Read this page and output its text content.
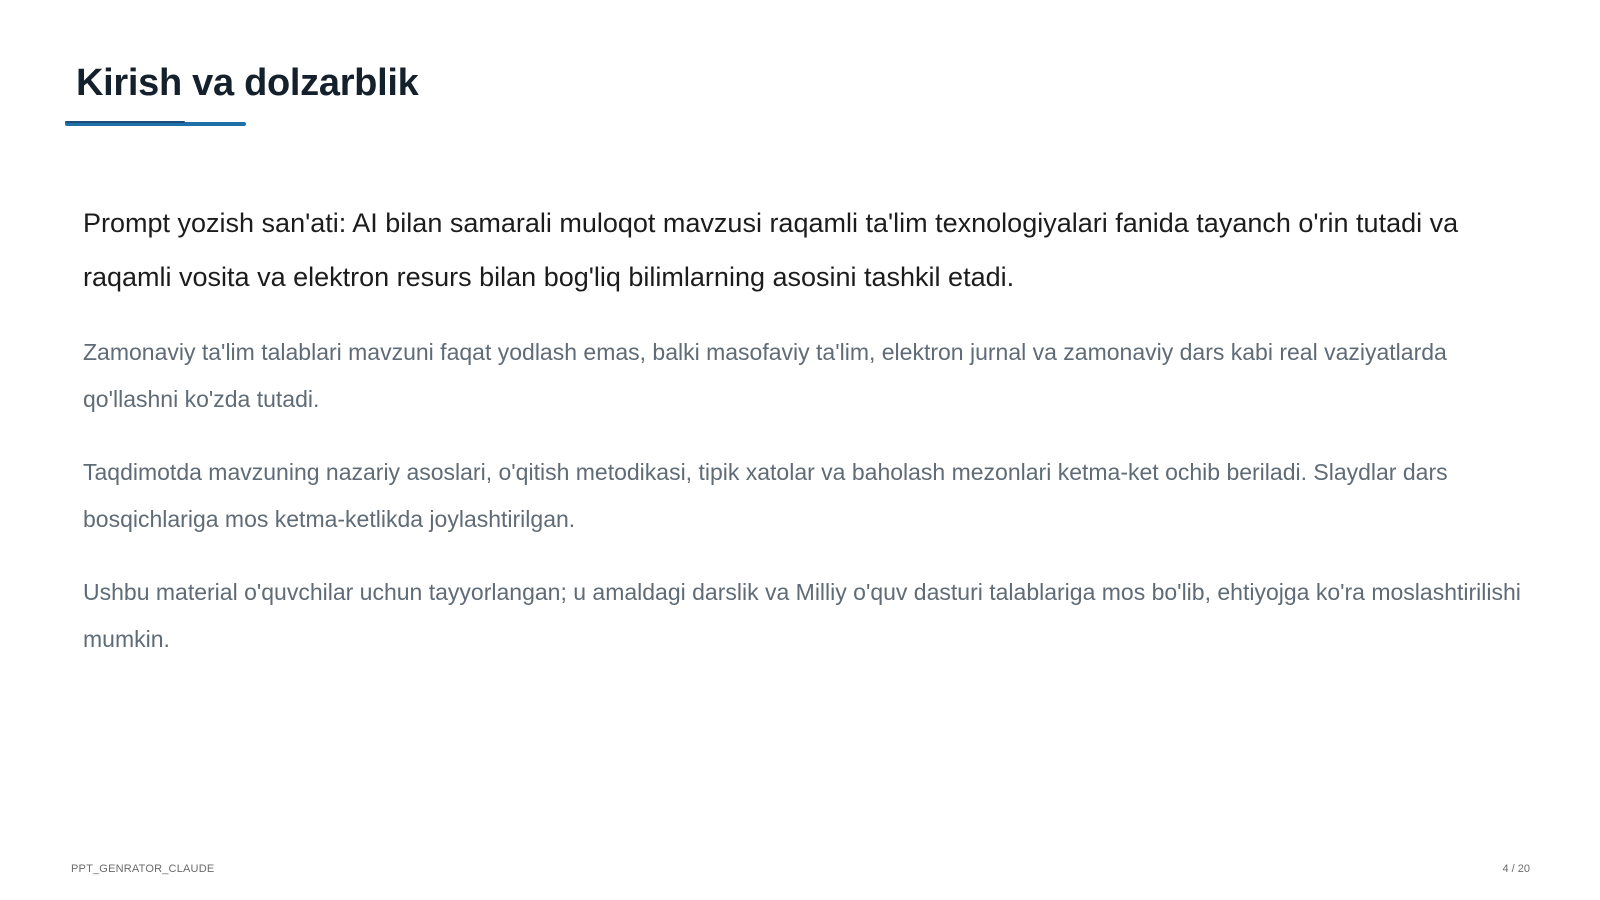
Kirish va dolzarblik

Prompt yozish san'ati: AI bilan samarali muloqot mavzusi raqamli ta'lim texnologiyalari fanida tayanch o'rin tutadi va raqamli vosita va elektron resurs bilan bog'liq bilimlarning asosini tashkil etadi.

Zamonaviy ta'lim talablari mavzuni faqat yodlash emas, balki masofaviy ta'lim, elektron jurnal va zamonaviy dars kabi real vaziyatlarda qo'llashni ko'zda tutadi.

Taqdimotda mavzuning nazariy asoslari, o'qitish metodikasi, tipik xatolar va baholash mezonlari ketma-ket ochib beriladi. Slaydlar dars bosqichlariga mos ketma-ketlikda joylashtirilgan.

Ushbu material o'quvchilar uchun tayyorlangan; u amaldagi darslik va Milliy o'quv dasturi talablariga mos bo'lib, ehtiyojga ko'ra moslashtirilishi mumkin.

PPT_GENRATOR_CLAUDE	4 / 20
